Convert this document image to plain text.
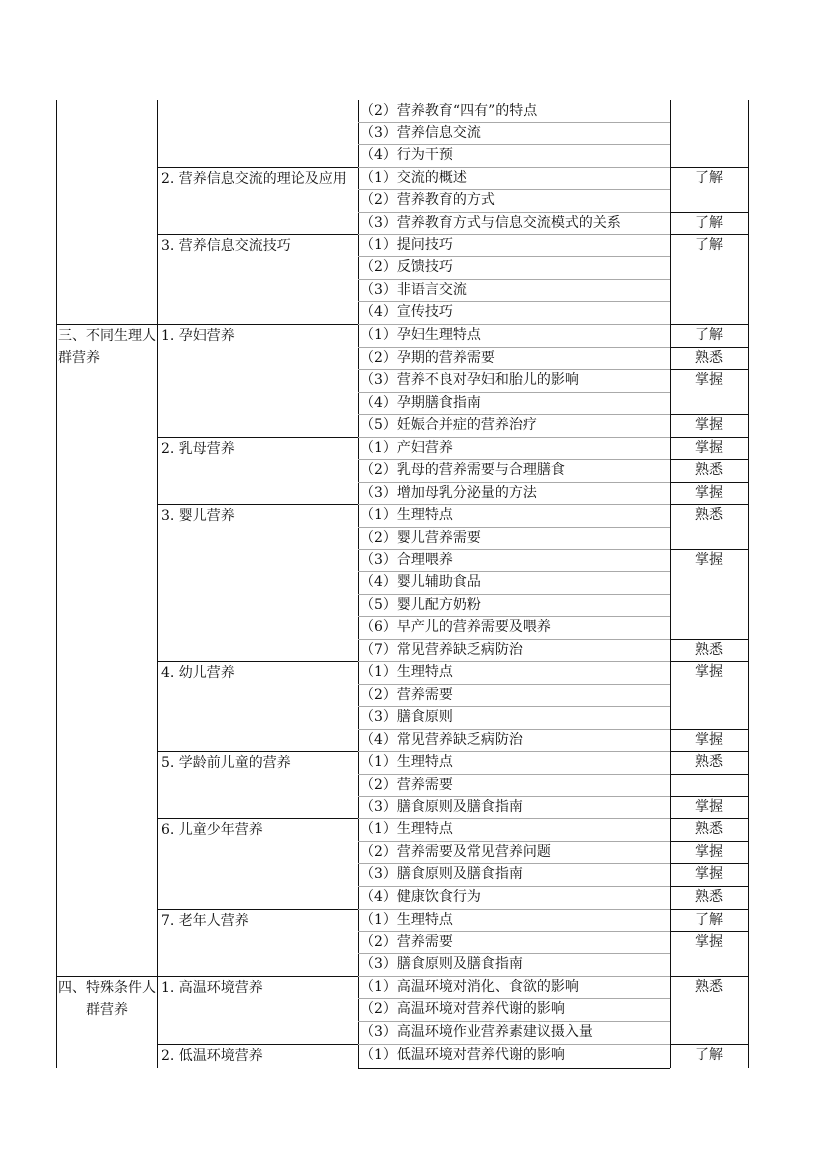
三、不同生理人群营养
四、特殊条件人群营养
2. 营养信息交流的理论及应用
3. 营养信息交流技巧
1. 孕妇营养
2. 乳母营养
3. 婴儿营养
4. 幼儿营养
5. 学龄前儿童的营养
6. 儿童少年营养
7. 老年人营养
1. 高温环境营养
2. 低温环境营养
（2）营养教育“四有”的特点
（3）营养信息交流
（4）行为干预
（1）交流的概述
（2）营养教育的方式
（3）营养教育方式与信息交流模式的关系
（1）提问技巧
（2）反馈技巧
（3）非语言交流
（4）宣传技巧
（1）孕妇生理特点
（2）孕期的营养需要
（3）营养不良对孕妇和胎儿的影响
（4）孕期膳食指南
（5）妊娠合并症的营养治疗
（1）产妇营养
（2）乳母的营养需要与合理膳食
（3）增加母乳分泌量的方法
（1）生理特点
（2）婴儿营养需要
（3）合理喂养
（4）婴儿辅助食品
（5）婴儿配方奶粉
（6）早产儿的营养需要及喂养
（7）常见营养缺乏病防治
（1）生理特点
（2）营养需要
（3）膳食原则
（4）常见营养缺乏病防治
（1）生理特点
（2）营养需要
（3）膳食原则及膳食指南
（1）生理特点
（2）营养需要及常见营养问题
（3）膳食原则及膳食指南
（4）健康饮食行为
（1）生理特点
（2）营养需要
（3）膳食原则及膳食指南
（1）高温环境对消化、食欲的影响
（2）高温环境对营养代谢的影响
（3）高温环境作业营养素建议摄入量
（1）低温环境对营养代谢的影响
了解
了解
了解
了解
熟悉
掌握
掌握
掌握
熟悉
掌握
熟悉
掌握
熟悉
掌握
掌握
熟悉
掌握
熟悉
掌握
掌握
熟悉
了解
掌握
熟悉
了解
